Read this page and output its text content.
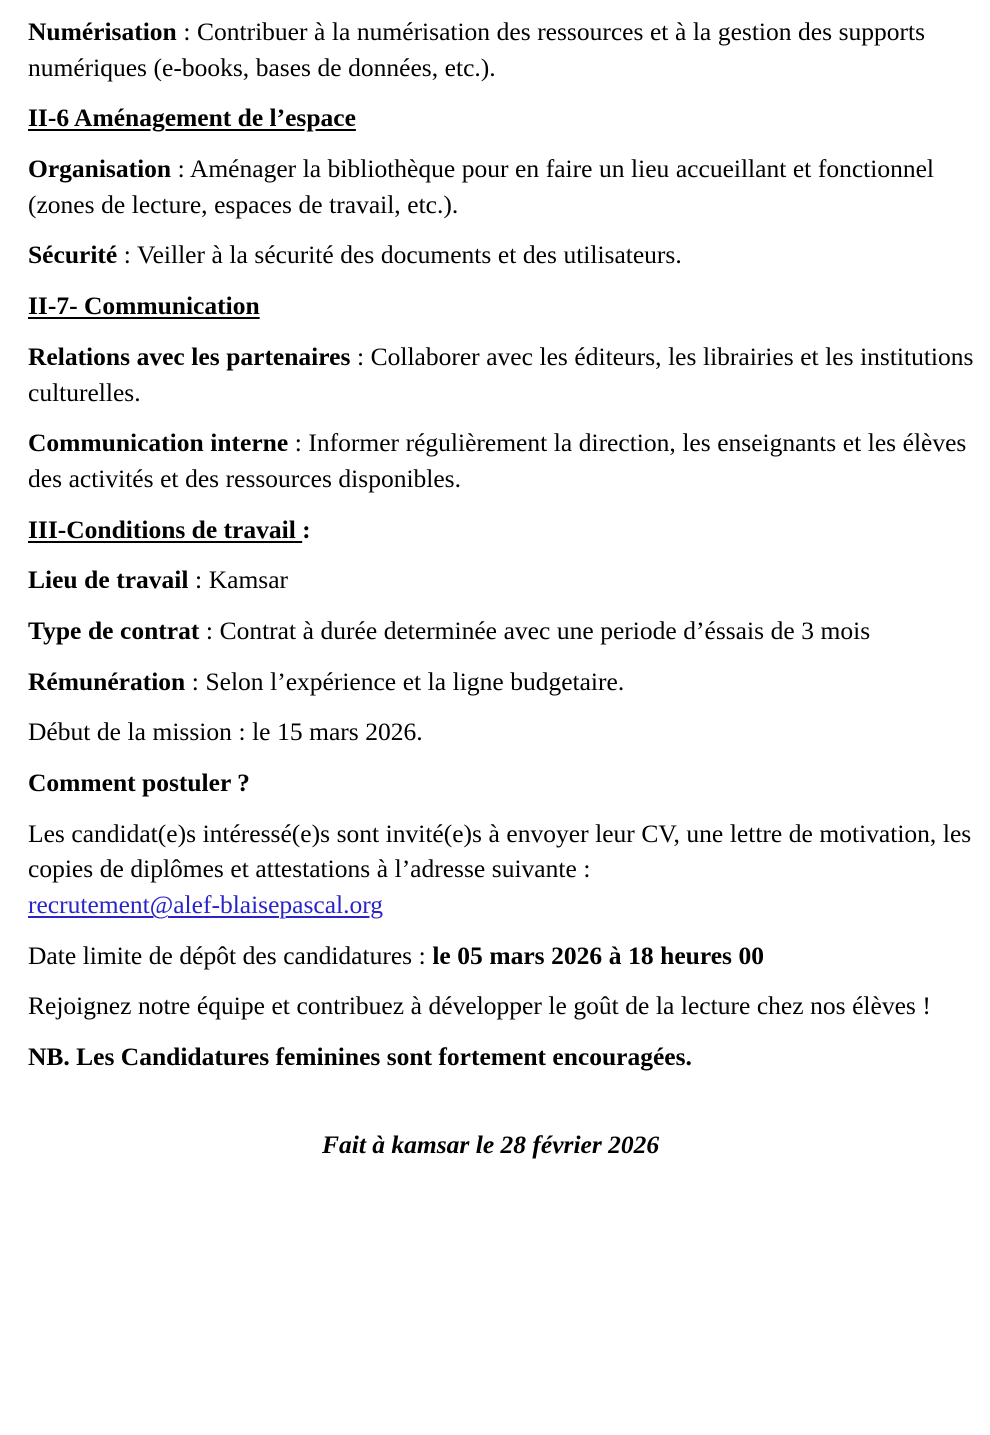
Numérisation : Contribuer à la numérisation des ressources et à la gestion des supports numériques (e-books, bases de données, etc.).

II-6 Aménagement de l’espace

Organisation : Aménager la bibliothèque pour en faire un lieu accueillant et fonctionnel (zones de lecture, espaces de travail, etc.).

Sécurité : Veiller à la sécurité des documents et des utilisateurs.

II-7- Communication

Relations avec les partenaires : Collaborer avec les éditeurs, les librairies et les institutions culturelles.

Communication interne : Informer régulièrement la direction, les enseignants et les élèves des activités et des ressources disponibles.

III-Conditions de travail :

Lieu de travail : Kamsar

Type de contrat : Contrat à durée determinée avec une periode d’éssais de 3 mois

Rémunération : Selon l’expérience et la ligne budgetaire.

Début de la mission : le 15 mars 2026.

Comment postuler ?

Les candidat(e)s intéressé(e)s sont invité(e)s à envoyer leur CV, une lettre de motivation, les copies de diplômes et attestations à l’adresse suivante :
recrutement@alef-blaisepascal.org

Date limite de dépôt des candidatures : le 05 mars 2026 à 18 heures 00

Rejoignez notre équipe et contribuez à développer le goût de la lecture chez nos élèves !

NB. Les Candidatures feminines sont fortement encouragées.

Fait à kamsar le 28 février 2026
